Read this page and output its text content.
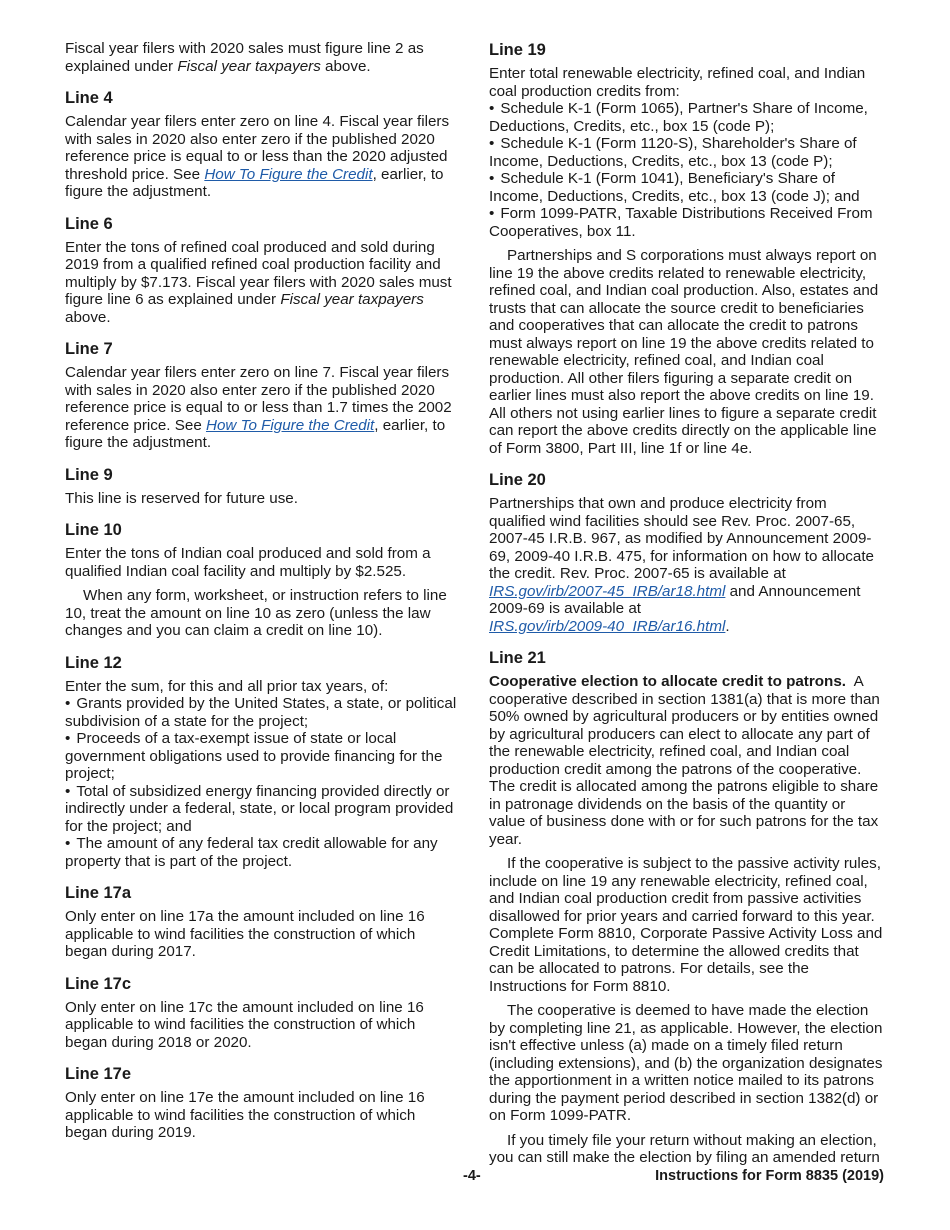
Fiscal year filers with 2020 sales must figure line 2 as explained under Fiscal year taxpayers above.

Line 4

Calendar year filers enter zero on line 4. Fiscal year filers with sales in 2020 also enter zero if the published 2020 reference price is equal to or less than the 2020 adjusted threshold price. See How To Figure the Credit, earlier, to figure the adjustment.

Line 6

Enter the tons of refined coal produced and sold during 2019 from a qualified refined coal production facility and multiply by $7.173. Fiscal year filers with 2020 sales must figure line 6 as explained under Fiscal year taxpayers above.

Line 7

Calendar year filers enter zero on line 7. Fiscal year filers with sales in 2020 also enter zero if the published 2020 reference price is equal to or less than 1.7 times the 2002 reference price. See How To Figure the Credit, earlier, to figure the adjustment.

Line 9

This line is reserved for future use.

Line 10

Enter the tons of Indian coal produced and sold from a qualified Indian coal facility and multiply by $2.525.

When any form, worksheet, or instruction refers to line 10, treat the amount on line 10 as zero (unless the law changes and you can claim a credit on line 10).

Line 12

Enter the sum, for this and all prior tax years, of:

• Grants provided by the United States, a state, or political subdivision of a state for the project;

• Proceeds of a tax-exempt issue of state or local government obligations used to provide financing for the project;

• Total of subsidized energy financing provided directly or indirectly under a federal, state, or local program provided for the project; and

• The amount of any federal tax credit allowable for any property that is part of the project.

Line 17a

Only enter on line 17a the amount included on line 16 applicable to wind facilities the construction of which began during 2017.

Line 17c

Only enter on line 17c the amount included on line 16 applicable to wind facilities the construction of which began during 2018 or 2020.

Line 17e

Only enter on line 17e the amount included on line 16 applicable to wind facilities the construction of which began during 2019.

Line 19

Enter total renewable electricity, refined coal, and Indian coal production credits from:

• Schedule K-1 (Form 1065), Partner's Share of Income, Deductions, Credits, etc., box 15 (code P);

• Schedule K-1 (Form 1120-S), Shareholder's Share of Income, Deductions, Credits, etc., box 13 (code P);

• Schedule K-1 (Form 1041), Beneficiary's Share of Income, Deductions, Credits, etc., box 13 (code J); and

• Form 1099-PATR, Taxable Distributions Received From Cooperatives, box 11.

Partnerships and S corporations must always report on line 19 the above credits related to renewable electricity, refined coal, and Indian coal production. Also, estates and trusts that can allocate the source credit to beneficiaries and cooperatives that can allocate the credit to patrons must always report on line 19 the above credits related to renewable electricity, refined coal, and Indian coal production. All other filers figuring a separate credit on earlier lines must also report the above credits on line 19. All others not using earlier lines to figure a separate credit can report the above credits directly on the applicable line of Form 3800, Part III, line 1f or line 4e.

Line 20

Partnerships that own and produce electricity from qualified wind facilities should see Rev. Proc. 2007-65, 2007-45 I.R.B. 967, as modified by Announcement 2009-69, 2009-40 I.R.B. 475, for information on how to allocate the credit. Rev. Proc. 2007-65 is available at IRS.gov/irb/2007-45_IRB/ar18.html and Announcement 2009-69 is available at
IRS.gov/irb/2009-40_IRB/ar16.html.

Line 21

Cooperative election to allocate credit to patrons.  A cooperative described in section 1381(a) that is more than 50% owned by agricultural producers or by entities owned by agricultural producers can elect to allocate any part of the renewable electricity, refined coal, and Indian coal production credit among the patrons of the cooperative. The credit is allocated among the patrons eligible to share in patronage dividends on the basis of the quantity or value of business done with or for such patrons for the tax year.

If the cooperative is subject to the passive activity rules, include on line 19 any renewable electricity, refined coal, and Indian coal production credit from passive activities disallowed for prior years and carried forward to this year. Complete Form 8810, Corporate Passive Activity Loss and Credit Limitations, to determine the allowed credits that can be allocated to patrons. For details, see the Instructions for Form 8810.

The cooperative is deemed to have made the election by completing line 21, as applicable. However, the election isn't effective unless (a) made on a timely filed return (including extensions), and (b) the organization designates the apportionment in a written notice mailed to its patrons during the payment period described in section 1382(d) or on Form 1099-PATR.

If you timely file your return without making an election, you can still make the election by filing an amended return

-4-	Instructions for Form 8835 (2019)
